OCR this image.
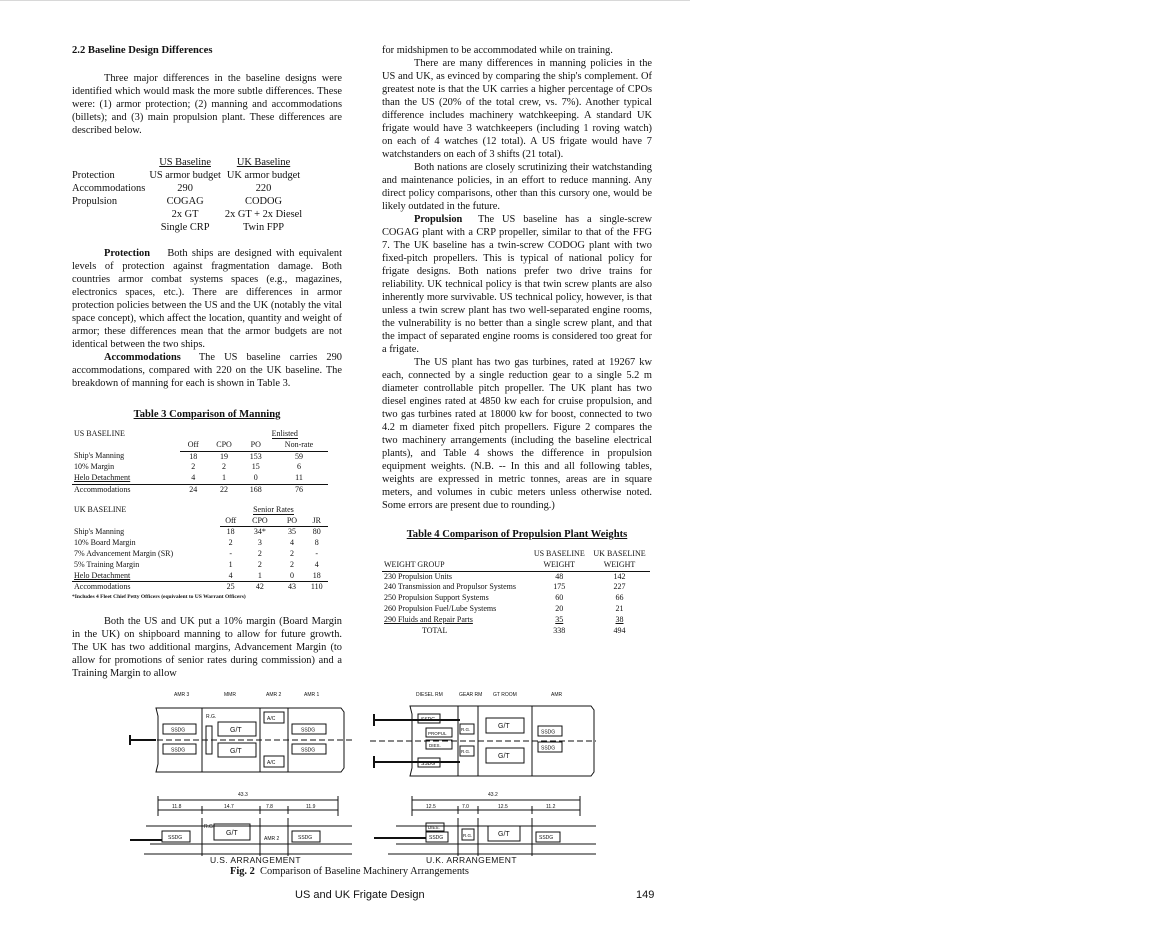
2.2 Baseline Design Differences

Three major differences in the baseline designs were identified which would mask the more subtle differences. These were: (1) armor protection; (2) manning and accommodations (billets); and (3) main propulsion plant. These differences are described below.

	US Baseline	UK Baseline
Protection	US armor budget	UK armor budget
Accommodations	290	220
Propulsion	COGAG	CODOG
	2x GT	2x GT + 2x Diesel
	Single CRP	Twin FPP

Protection Both ships are designed with equivalent levels of protection against fragmentation damage. Both countries armor combat systems spaces (e.g., magazines, electronics spaces, etc.). There are differences in armor protection policies between the US and the UK (notably the vital space concept), which affect the location, quantity and weight of armor; these differences mean that the armor budgets are not identical between the two ships.

Accommodations The US baseline carries 290 accommodations, compared with 220 on the UK baseline. The breakdown of manning for each is shown in Table 3.

Table 3 Comparison of Manning
US BASELINE			Enlisted	
	Off	CPO	PO	Non-rate
Ship's Manning	18	19	153	59
10% Margin	2	2	15	6
Helo Detachment	4	1	0	11
Accommodations	24	22	168	76
UK BASELINE		Senior Rates		
	Off	CPO	PO	JR
Ship's Manning	18	34*	35	80
10% Board Margin	2	3	4	8
7% Advancement Margin (SR)	-	2	2	-
5% Training Margin	1	2	2	4
Helo Detachment	4	1	0	18
Accommodations	25	42	43	110
*Includes 4 Fleet Chief Petty Officers (equivalent to US Warrant Officers)

Both the US and UK put a 10% margin (Board Margin in the UK) on shipboard manning to allow for future growth. The UK has two additional margins, Advancement Margin (to allow for promotions of senior rates during commission) and a Training Margin to allow

for midshipmen to be accommodated while on training.

There are many differences in manning policies in the US and UK, as evinced by comparing the ship's complement. Of greatest note is that the UK carries a higher percentage of CPOs than the US (20% of the total crew, vs. 7%). Another typical difference includes machinery watchkeeping. A standard UK frigate would have 3 watchkeepers (including 1 roving watch) on each of 4 watches (12 total). A US frigate would have 7 watchstanders on each of 3 shifts (21 total).

Both nations are closely scrutinizing their watchstanding and maintenance policies, in an effort to reduce manning. Any direct policy comparisons, other than this cursory one, would be likely outdated in the future.

Propulsion The US baseline has a single-screw COGAG plant with a CRP propeller, similar to that of the FFG 7. The UK baseline has a twin-screw CODOG plant with two fixed-pitch propellers. This is typical of national policy for frigate designs. Both nations prefer two drive trains for reliability. UK technical policy is that twin screw plants are also inherently more survivable. US technical policy, however, is that unless a twin screw plant has two well-separated engine rooms, the vulnerability is no better than a single screw plant, and that the impact of separated engine rooms is considered too great for a frigate.

The US plant has two gas turbines, rated at 19267 kw each, connected by a single reduction gear to a single 5.2 m diameter controllable pitch propeller. The UK plant has two diesel engines rated at 4850 kw each for cruise propulsion, and two gas turbines rated at 18000 kw for boost, connected to two 4.2 m diameter fixed pitch propellers. Figure 2 compares the two machinery arrangements (including the baseline electrical plants), and Table 4 shows the difference in propulsion equipment weights. (N.B. -- In this and all following tables, weights are expressed in metric tonnes, areas are in square meters, and volumes in cubic meters unless otherwise noted. Some errors are present due to rounding.)

Table 4 Comparison of Propulsion Plant Weights
	US BASELINE	UK BASELINE
WEIGHT GROUP	WEIGHT	WEIGHT
230 Propulsion Units	48	142
240 Transmission and Propulsor Systems	175	227
250 Propulsion Support Systems	60	66
260 Propulsion Fuel/Lube Systems	20	21
290 Fluids and Repair Parts	35	38
TOTAL	338	494
AMR 3	MMR	AMR 2	AMR 1
SSDG
SSDG
G/T
G/T
R.G.	A/C
A/C
SSDG
SSDG
43.3
11.8	14.7	7.8	11.9
SSDG
G/T
R.G.
AMR 2	SSDG
DIESEL RM	GEAR RM GT ROOM	AMR
SSDG
SSDG
PROPUL
DIES.
R.G.
R.G.
G/T
G/T
SSDG
SSDG
43.2
12.5	7.0	12.5	11.2
DIES.
SSDG	R.G.	G/T	SSDG
U.S. ARRANGEMENT	U.K. ARRANGEMENT
Fig. 2 Comparison of Baseline Machinery Arrangements
US and UK Frigate Design	149
